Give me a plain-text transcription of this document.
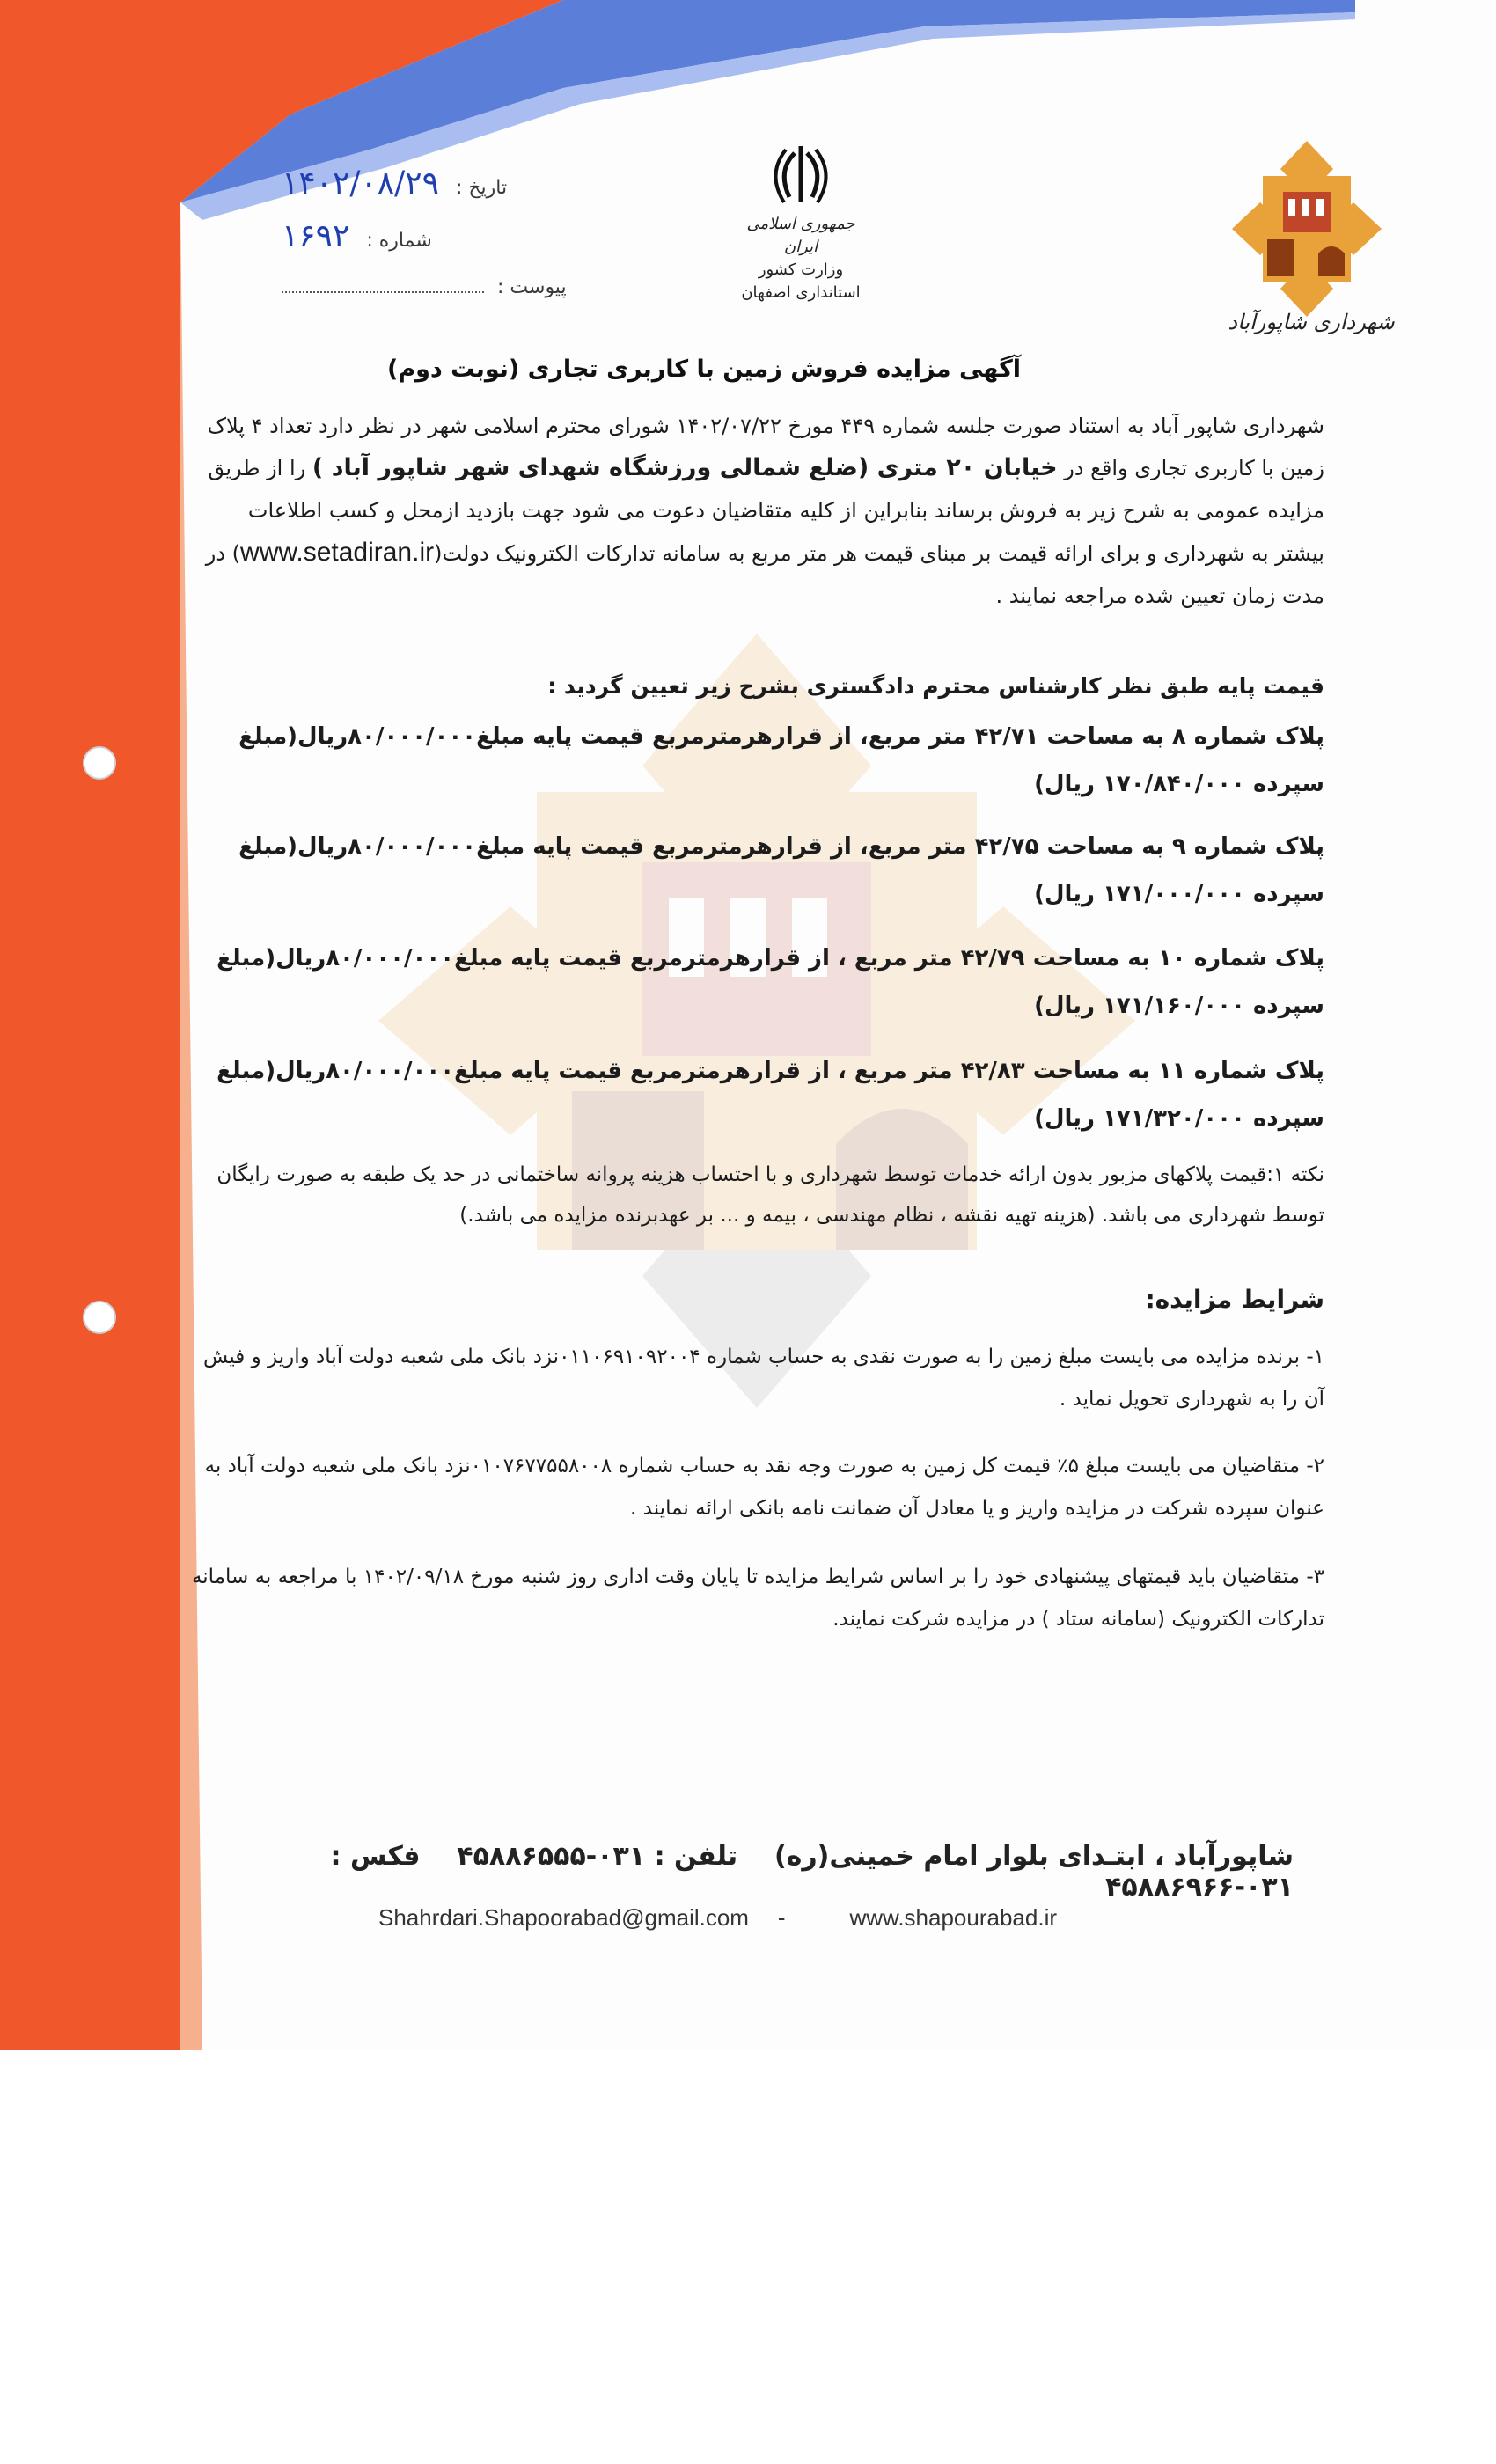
تاریخ : ۱۴۰۲/۰۸/۲۹
شماره : ۱۶۹۲
پیوست :
جمهوری اسلامی ایران
وزارت کشور
استانداری اصفهان
شهرداری شاپورآباد
آگهی مزایده فروش زمین با کاربری تجاری (نوبت دوم)
شهرداری شاپور آباد به استناد صورت جلسه شماره ۴۴۹ مورخ ۱۴۰۲/۰۷/۲۲ شورای محترم اسلامی شهر در نظر دارد تعداد ۴ پلاک زمین با کاربری تجاری واقع در خیابان ۲۰ متری (ضلع شمالی ورزشگاه شهدای شهر شاپور آباد ) را از طریق مزایده عمومی به شرح زیر به فروش برساند بنابراین از کلیه متقاضیان دعوت می شود جهت بازدید ازمحل و کسب اطلاعات بیشتر به شهرداری و برای ارائه قیمت بر مبنای قیمت هر متر مربع به سامانه تدارکات الکترونیک دولت(www.setadiran.ir) در مدت زمان تعیین شده مراجعه نمایند .
قیمت پایه طبق نظر کارشناس محترم دادگستری بشرح زیر تعیین گردید :
پلاک شماره ۸ به مساحت ۴۲/۷۱ متر مربع، از قرارهرمترمربع قیمت پایه مبلغ۸۰/۰۰۰/۰۰۰ریال(مبلغ سپرده ۱۷۰/۸۴۰/۰۰۰ ریال)
پلاک شماره ۹ به مساحت ۴۲/۷۵ متر مربع، از قرارهرمترمربع قیمت پایه مبلغ۸۰/۰۰۰/۰۰۰ریال(مبلغ سپرده ۱۷۱/۰۰۰/۰۰۰ ریال)
پلاک شماره ۱۰ به مساحت ۴۲/۷۹ متر مربع ، از قرارهرمترمربع قیمت پایه مبلغ۸۰/۰۰۰/۰۰۰ریال(مبلغ سپرده ۱۷۱/۱۶۰/۰۰۰ ریال)
پلاک شماره ۱۱ به مساحت ۴۲/۸۳ متر مربع ، از قرارهرمترمربع قیمت پایه مبلغ۸۰/۰۰۰/۰۰۰ریال(مبلغ سپرده ۱۷۱/۳۲۰/۰۰۰ ریال)
نکته ۱:قیمت پلاکهای مزبور بدون ارائه خدمات توسط شهرداری و با احتساب هزینه پروانه ساختمانی در حد یک طبقه به صورت رایگان توسط شهرداری می باشد. (هزینه تهیه نقشه ، نظام مهندسی ، بیمه و ... بر عهدبرنده مزایده می باشد.)
شرایط مزایده:
۱- برنده مزایده می بایست مبلغ زمین را به صورت نقدی به حساب شماره ۰۱۱۰۶۹۱۰۹۲۰۰۴نزد بانک ملی شعبه دولت آباد واریز و فیش آن را به شهرداری تحویل نماید .
۲- متقاضیان می بایست مبلغ ۵٪ قیمت کل زمین به صورت وجه نقد به حساب شماره ۰۱۰۷۶۷۷۵۵۸۰۰۸نزد بانک ملی شعبه دولت آباد به عنوان سپرده شرکت در مزایده واریز و یا معادل آن ضمانت نامه بانکی ارائه نمایند .
۳- متقاضیان باید قیمتهای پیشنهادی خود را بر اساس شرایط مزایده تا پایان وقت اداری روز شنبه مورخ ۱۴۰۲/۰۹/۱۸ با مراجعه به سامانه تدارکات الکترونیک (سامانه ستاد ) در مزایده شرکت نمایند.
شاپورآباد ، ابتـدای بلوار امام خمینی(ره)    تلفن : ۰۳۱-۴۵۸۸۶۵۵۵    فکس : ۰۳۱-۴۵۸۸۶۹۶۶
Shahrdari.Shapoorabad@gmail.com -	www.shapourabad.ir
